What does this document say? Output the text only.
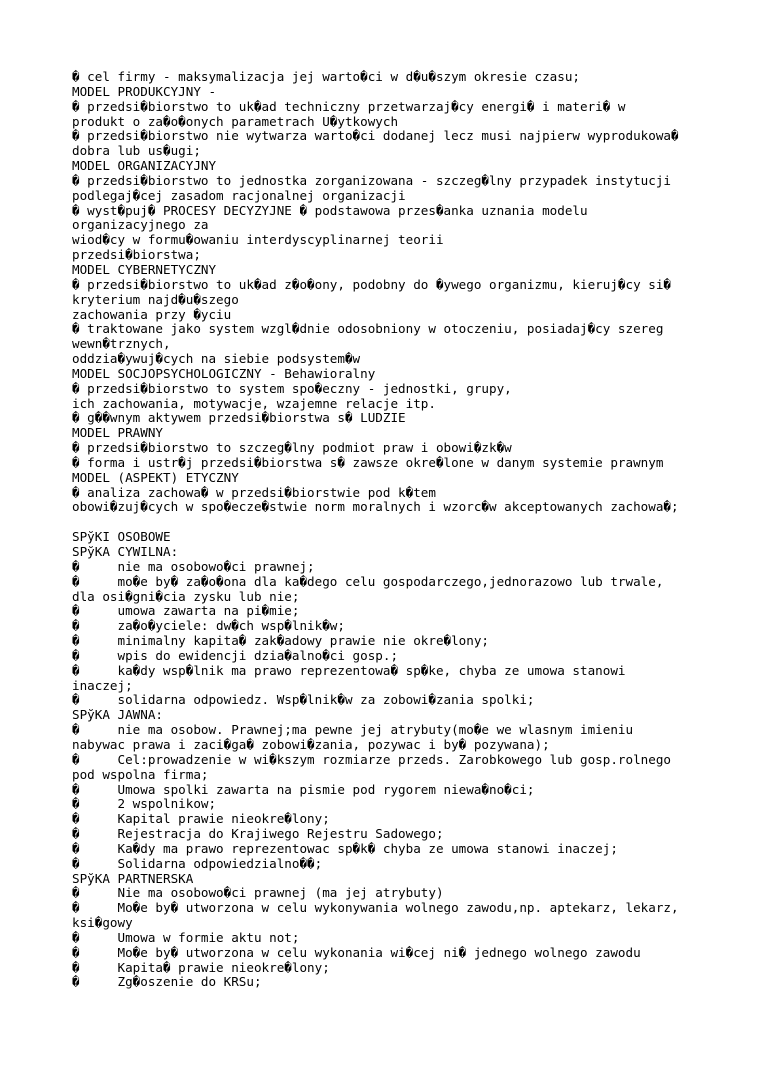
� cel firmy - maksymalizacja jej warto�ci w d�u�szym okresie czasu;
MODEL PRODUKCYJNY -
� przedsi�biorstwo to uk�ad techniczny przetwarzaj�cy energi� i materi� w
produkt o za�o�onych parametrach U�ytkowych
� przedsi�biorstwo nie wytwarza warto�ci dodanej lecz musi najpierw wyprodukowa�
dobra lub us�ugi;
MODEL ORGANIZACYJNY
� przedsi�biorstwo to jednostka zorganizowana - szczeg�lny przypadek instytucji
podlegaj�cej zasadom racjonalnej organizacji
� wyst�puj� PROCESY DECYZYJNE � podstawowa przes�anka uznania modelu
organizacyjnego za
wiod�cy w formu�owaniu interdyscyplinarnej teorii
przedsi�biorstwa;
MODEL CYBERNETYCZNY
� przedsi�biorstwo to uk�ad z�o�ony, podobny do �ywego organizmu, kieruj�cy si�
kryterium najd�u�szego
zachowania przy �yciu
� traktowane jako system wzgl�dnie odosobniony w otoczeniu, posiadaj�cy szereg
wewn�trznych,
oddzia�ywuj�cych na siebie podsystem�w
MODEL SOCJOPSYCHOLOGICZNY - Behawioralny
� przedsi�biorstwo to system spo�eczny - jednostki, grupy,
ich zachowania, motywacje, wzajemne relacje itp.
� g��wnym aktywem przedsi�biorstwa s� LUDZIE
MODEL PRAWNY
� przedsi�biorstwo to szczeg�lny podmiot praw i obowi�zk�w
� forma i ustr�j przedsi�biorstwa s� zawsze okre�lone w danym systemie prawnym
MODEL (ASPEKT) ETYCZNY
� analiza zachowa� w przedsi�biorstwie pod k�tem
obowi�zuj�cych w spo�ecze�stwie norm moralnych i wzorc�w akceptowanych zachowa�;
SPўKI OSOBOWE
SPўKA CYWILNA:
�     nie ma osobowo�ci prawnej;
�     mo�e by� za�o�ona dla ka�dego celu gospodarczego,jednorazowo lub trwale,
dla osi�gni�cia zysku lub nie;
�     umowa zawarta na pi�mie;
�     za�o�yciele: dw�ch wsp�lnik�w;
�     minimalny kapita� zak�adowy prawie nie okre�lony;
�     wpis do ewidencji dzia�alno�ci gosp.;
�     ka�dy wsp�lnik ma prawo reprezentowa� sp�ke, chyba ze umowa stanowi
inaczej;
�     solidarna odpowiedz. Wsp�lnik�w za zobowi�zania spolki;
SPўKA JAWNA:
�     nie ma osobow. Prawnej;ma pewne jej atrybuty(mo�e we wlasnym imieniu
nabywac prawa i zaci�ga� zobowi�zania, pozywac i by� pozywana);
�     Cel:prowadzenie w wi�kszym rozmiarze przeds. Zarobkowego lub gosp.rolnego
pod wspolna firma;
�     Umowa spolki zawarta na pismie pod rygorem niewa�no�ci;
�     2 wspolnikow;
�     Kapital prawie nieokre�lony;
�     Rejestracja do Krajiwego Rejestru Sadowego;
�     Ka�dy ma prawo reprezentowac sp�k� chyba ze umowa stanowi inaczej;
�     Solidarna odpowiedzialno��;
SPўKA PARTNERSKA
�     Nie ma osobowo�ci prawnej (ma jej atrybuty)
�     Mo�e by� utworzona w celu wykonywania wolnego zawodu,np. aptekarz, lekarz,
ksi�gowy
�     Umowa w formie aktu not;
�     Mo�e by� utworzona w celu wykonania wi�cej ni� jednego wolnego zawodu
�     Kapita� prawie nieokre�lony;
�     Zg�oszenie do KRSu;
